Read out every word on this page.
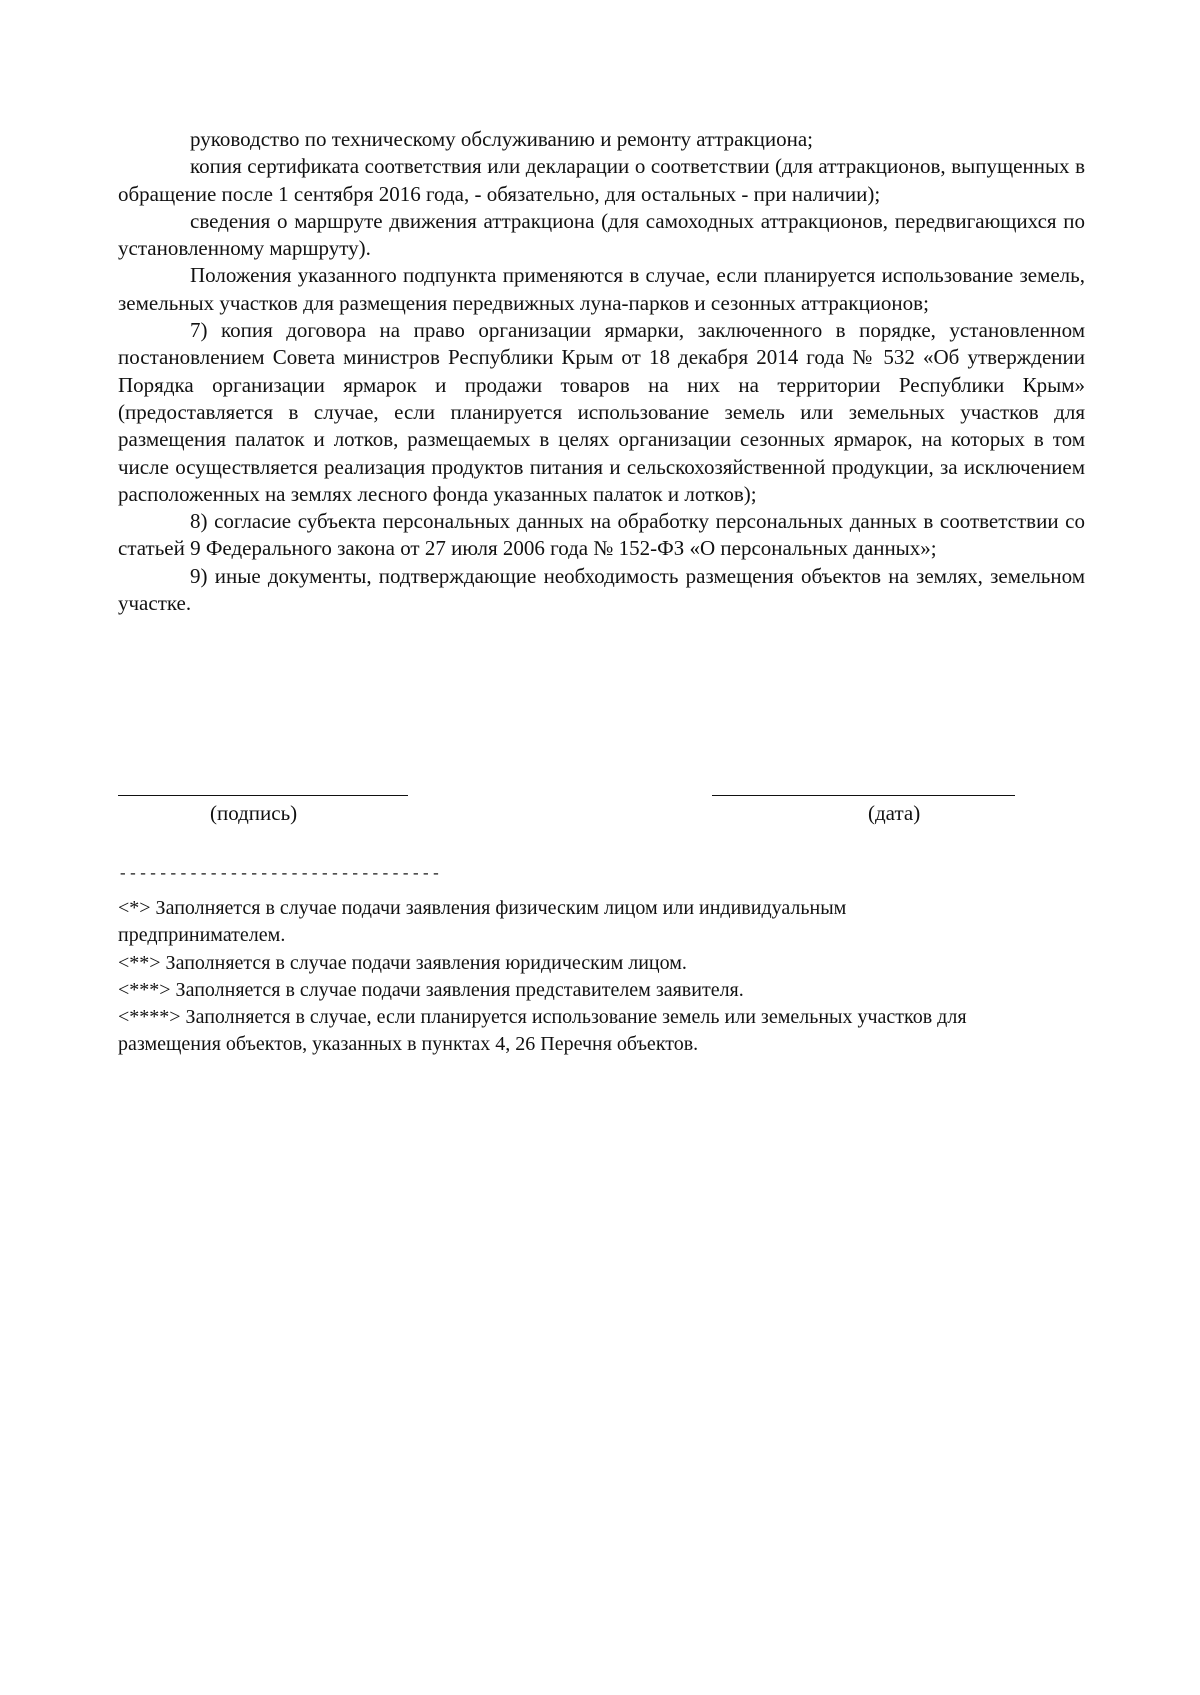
руководство по техническому обслуживанию и ремонту аттракциона;

копия сертификата соответствия или декларации о соответствии (для аттракционов, выпущенных в обращение после 1 сентября 2016 года, - обязательно, для остальных - при наличии);

сведения о маршруте движения аттракциона (для самоходных аттракционов, передвигающихся по установленному маршруту).

Положения указанного подпункта применяются в случае, если планируется использование земель, земельных участков для размещения передвижных луна-парков и сезонных аттракционов;

7) копия договора на право организации ярмарки, заключенного в порядке, установленном постановлением Совета министров Республики Крым от 18 декабря 2014 года № 532 «Об утверждении Порядка организации ярмарок и продажи товаров на них на территории Республики Крым» (предоставляется в случае, если планируется использование земель или земельных участков для размещения палаток и лотков, размещаемых в целях организации сезонных ярмарок, на которых в том числе осуществляется реализация продуктов питания и сельскохозяйственной продукции, за исключением расположенных на землях лесного фонда указанных палаток и лотков);

8) согласие субъекта персональных данных на обработку персональных данных в соответствии со статьей 9 Федерального закона от 27 июля 2006 года № 152-ФЗ «О персональных данных»;

9) иные документы, подтверждающие необходимость размещения объектов на землях, земельном участке.

(подпись)	(дата)
--------------------------------

<*> Заполняется в случае подачи заявления физическим лицом или индивидуальным предпринимателем.

<**> Заполняется в случае подачи заявления юридическим лицом.

<***> Заполняется в случае подачи заявления представителем заявителя.

<****> Заполняется в случае, если планируется использование земель или земельных участков для размещения объектов, указанных в пунктах 4, 26 Перечня объектов.
